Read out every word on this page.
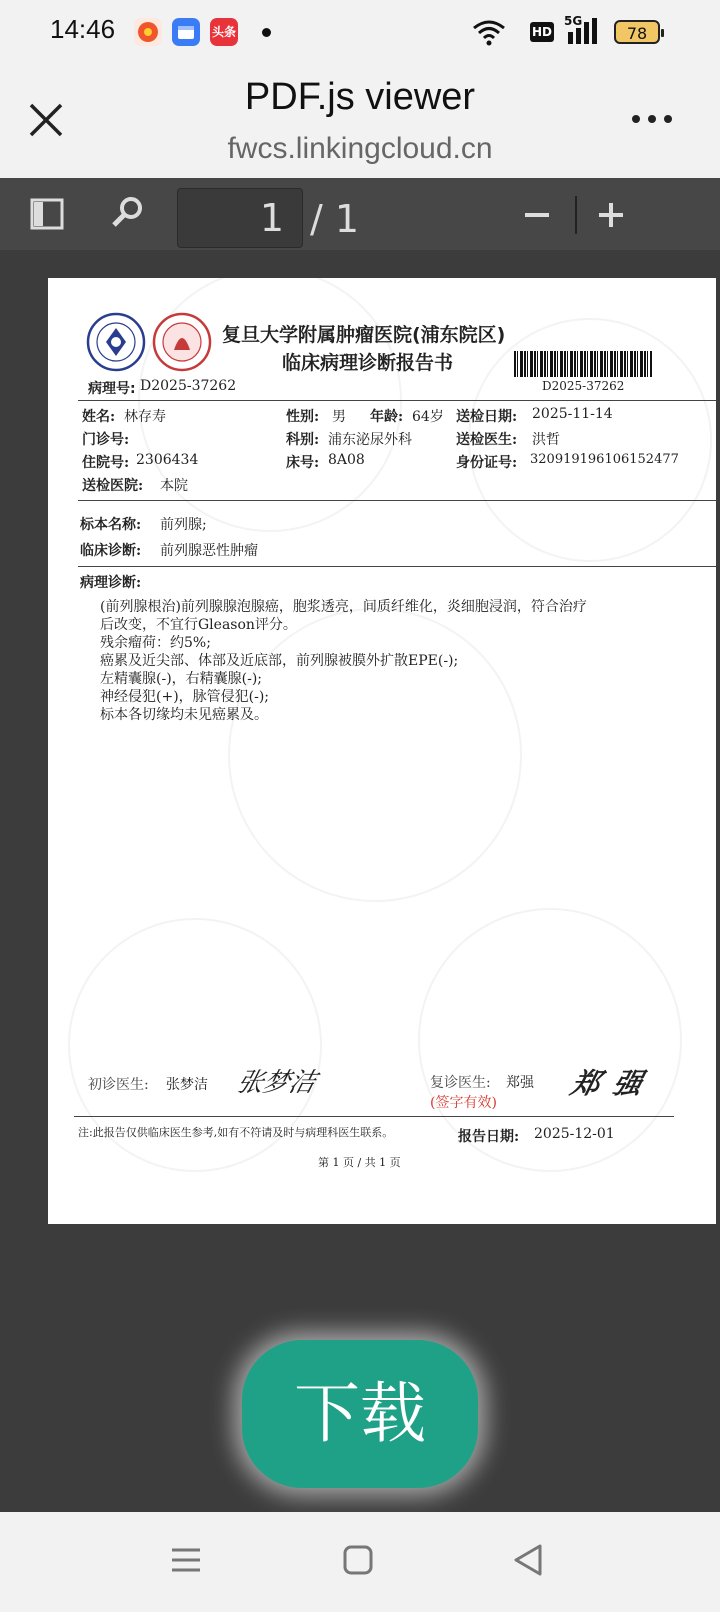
14:46	头条	HD
5G
78
PDF.js viewer
fwcs.linkingcloud.cn
1 / 1
复旦大学附属肿瘤医院(浦东院区)
临床病理诊断报告书
D2025-37262
病理号: D2025-37262
姓名: 林存寿	性别: 男 年龄: 64岁 送检日期: 2025-11-14
门诊号:	科别: 浦东泌尿外科	送检医生: 洪哲
住院号: 2306434	床号: 8A08	身份证号: 320919196106152477
送检医院: 本院
标本名称: 前列腺;
临床诊断: 前列腺恶性肿瘤
病理诊断:
(前列腺根治)前列腺腺泡腺癌，胞浆透亮，间质纤维化，炎细胞浸润，符合治疗
后改变，不宜行Gleason评分。
残余瘤荷：约5%;
癌累及近尖部、体部及近底部，前列腺被膜外扩散EPE(-);
左精囊腺(-)，右精囊腺(-);
神经侵犯(+)，脉管侵犯(-);
标本各切缘均未见癌累及。
初诊医生: 张梦洁 张梦洁	复诊医生: 郑强 郑强
(签字有效)
注:此报告仅供临床医生参考,如有不符请及时与病理科医生联系。	报告日期: 2025-12-01
第 1 页 / 共 1 页
下载
